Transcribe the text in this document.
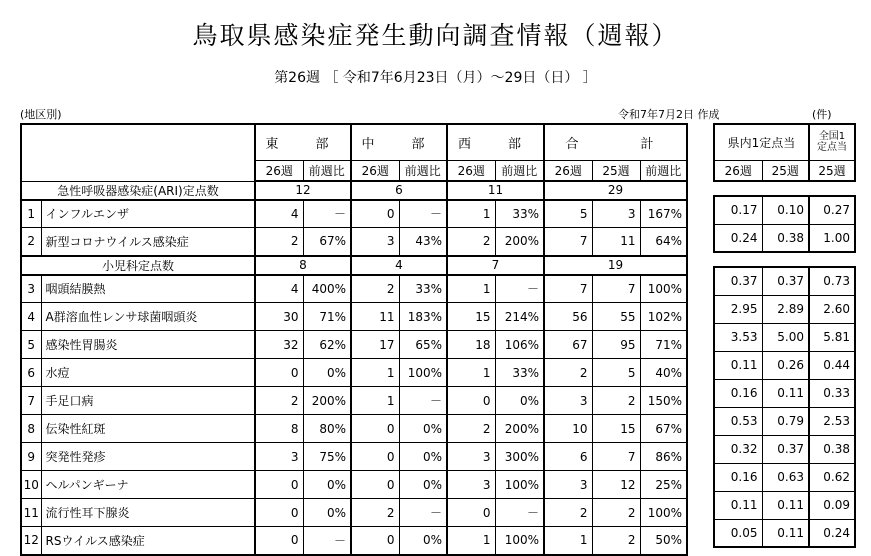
鳥取県感染症発生動向調査情報（週報）
第26週 ［ 令和7年6月23日（月）～29日（日） ］
(地区別)	令和7年7月2日 作成	(件)
		東　部		中　部		西　部		合　　計		
		26週	前週比	26週	前週比	26週	前週比	26週	25週	前週比
急性呼吸器感染症(ARI)定点数		12		6		11		29		
1	インフルエンザ	4	－	0	－	1	33%	5	3	167%
2	新型コロナウイルス感染症	2	67%	3	43%	2	200%	7	11	64%
小児科定点数		8		4		7		19		
3	咽頭結膜熱	4	400%	2	33%	1	－	7	7	100%
4	A群溶血性レンサ球菌咽頭炎	30	71%	11	183%	15	214%	56	55	102%
5	感染性胃腸炎	32	62%	17	65%	18	106%	67	95	71%
6	水痘	0	0%	1	100%	1	33%	2	5	40%
7	手足口病	2	200%	1	－	0	0%	3	2	150%
8	伝染性紅斑	8	80%	0	0%	2	200%	10	15	67%
9	突発性発疹	3	75%	0	0%	3	300%	6	7	86%
10	ヘルパンギーナ	0	0%	0	0%	3	100%	3	12	25%
11	流行性耳下腺炎	0	0%	2	－	0	－	2	2	100%
12	RSウイルス感染症	0	－	0	0%	1	100%	1	2	50%
県内1定点当		全国1
定点当

26週	25週	25週

0.17	0.10	0.27
0.24	0.38	1.00

0.37	0.37	0.73
2.95	2.89	2.60
3.53	5.00	5.81
0.11	0.26	0.44
0.16	0.11	0.33
0.53	0.79	2.53
0.32	0.37	0.38
0.16	0.63	0.62
0.11	0.11	0.09
0.05	0.11	0.24
